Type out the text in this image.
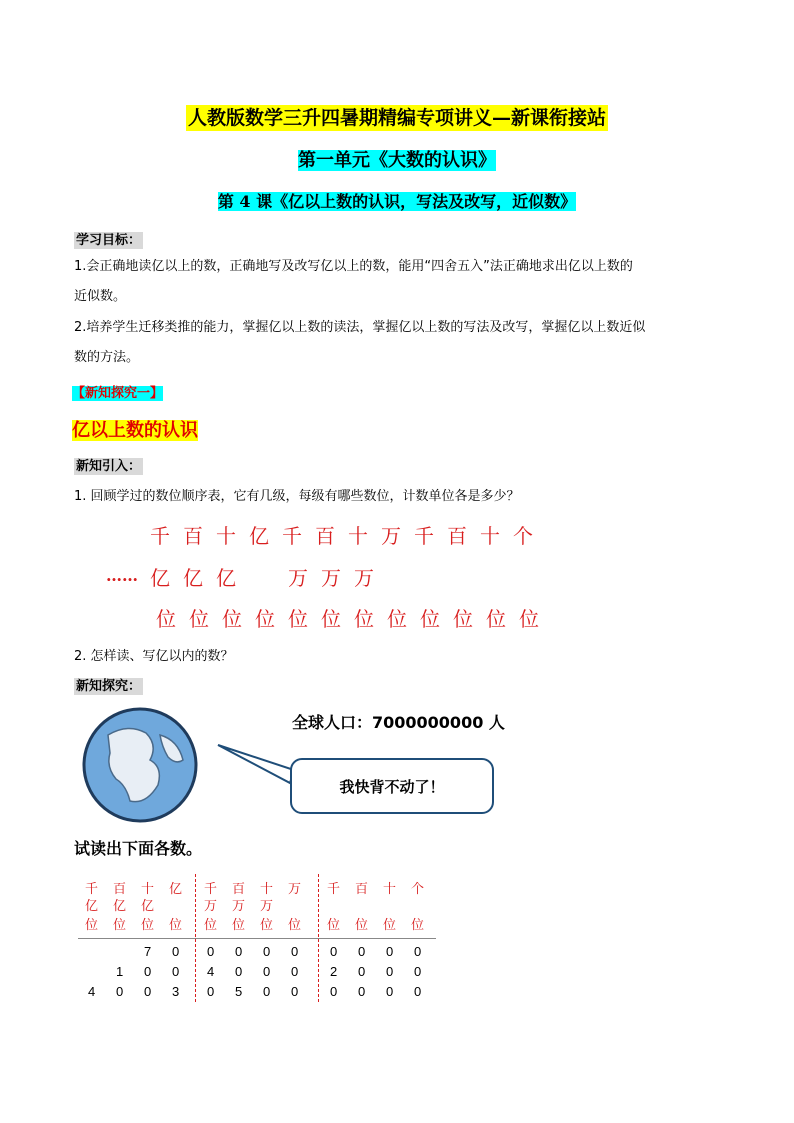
人教版数学三升四暑期精编专项讲义—新课衔接站
第一单元《大数的认识》
第 4 课《亿以上数的认识，写法及改写，近似数》
学习目标：
1.会正确地读亿以上的数，正确地写及改写亿以上的数，能用“四舍五入”法正确地求出亿以上数的
近似数。
2.培养学生迁移类推的能力，掌握亿以上数的读法，掌握亿以上数的写法及改写，掌握亿以上数近似
数的方法。
【新知探究一】
亿以上数的认识
新知引入：
1. 回顾学过的数位顺序表，它有几级，每级有哪些数位，计数单位各是多少？
千 百 十 亿 千 百 十 万 千 百 十 个
…… 亿 亿 亿	万 万 万
位 位 位 位 位 位 位 位 位 位 位 位
2. 怎样读、写亿以内的数？
新知探究：
全球人口：7000000000 人
我快背不动了！
试读出下面各数。
千
亿
位
百
亿
位
十
亿
位
亿
位
千
万
位
百
万
位
十
万
位
万
位
千
位
百
位
十
位
个
位
7 0 0 0 0 0 0 0 0 0
1 0 0 4 0 0 0 2 0 0 0
4 0 0 3 0 5 0 0 0 0 0 0
